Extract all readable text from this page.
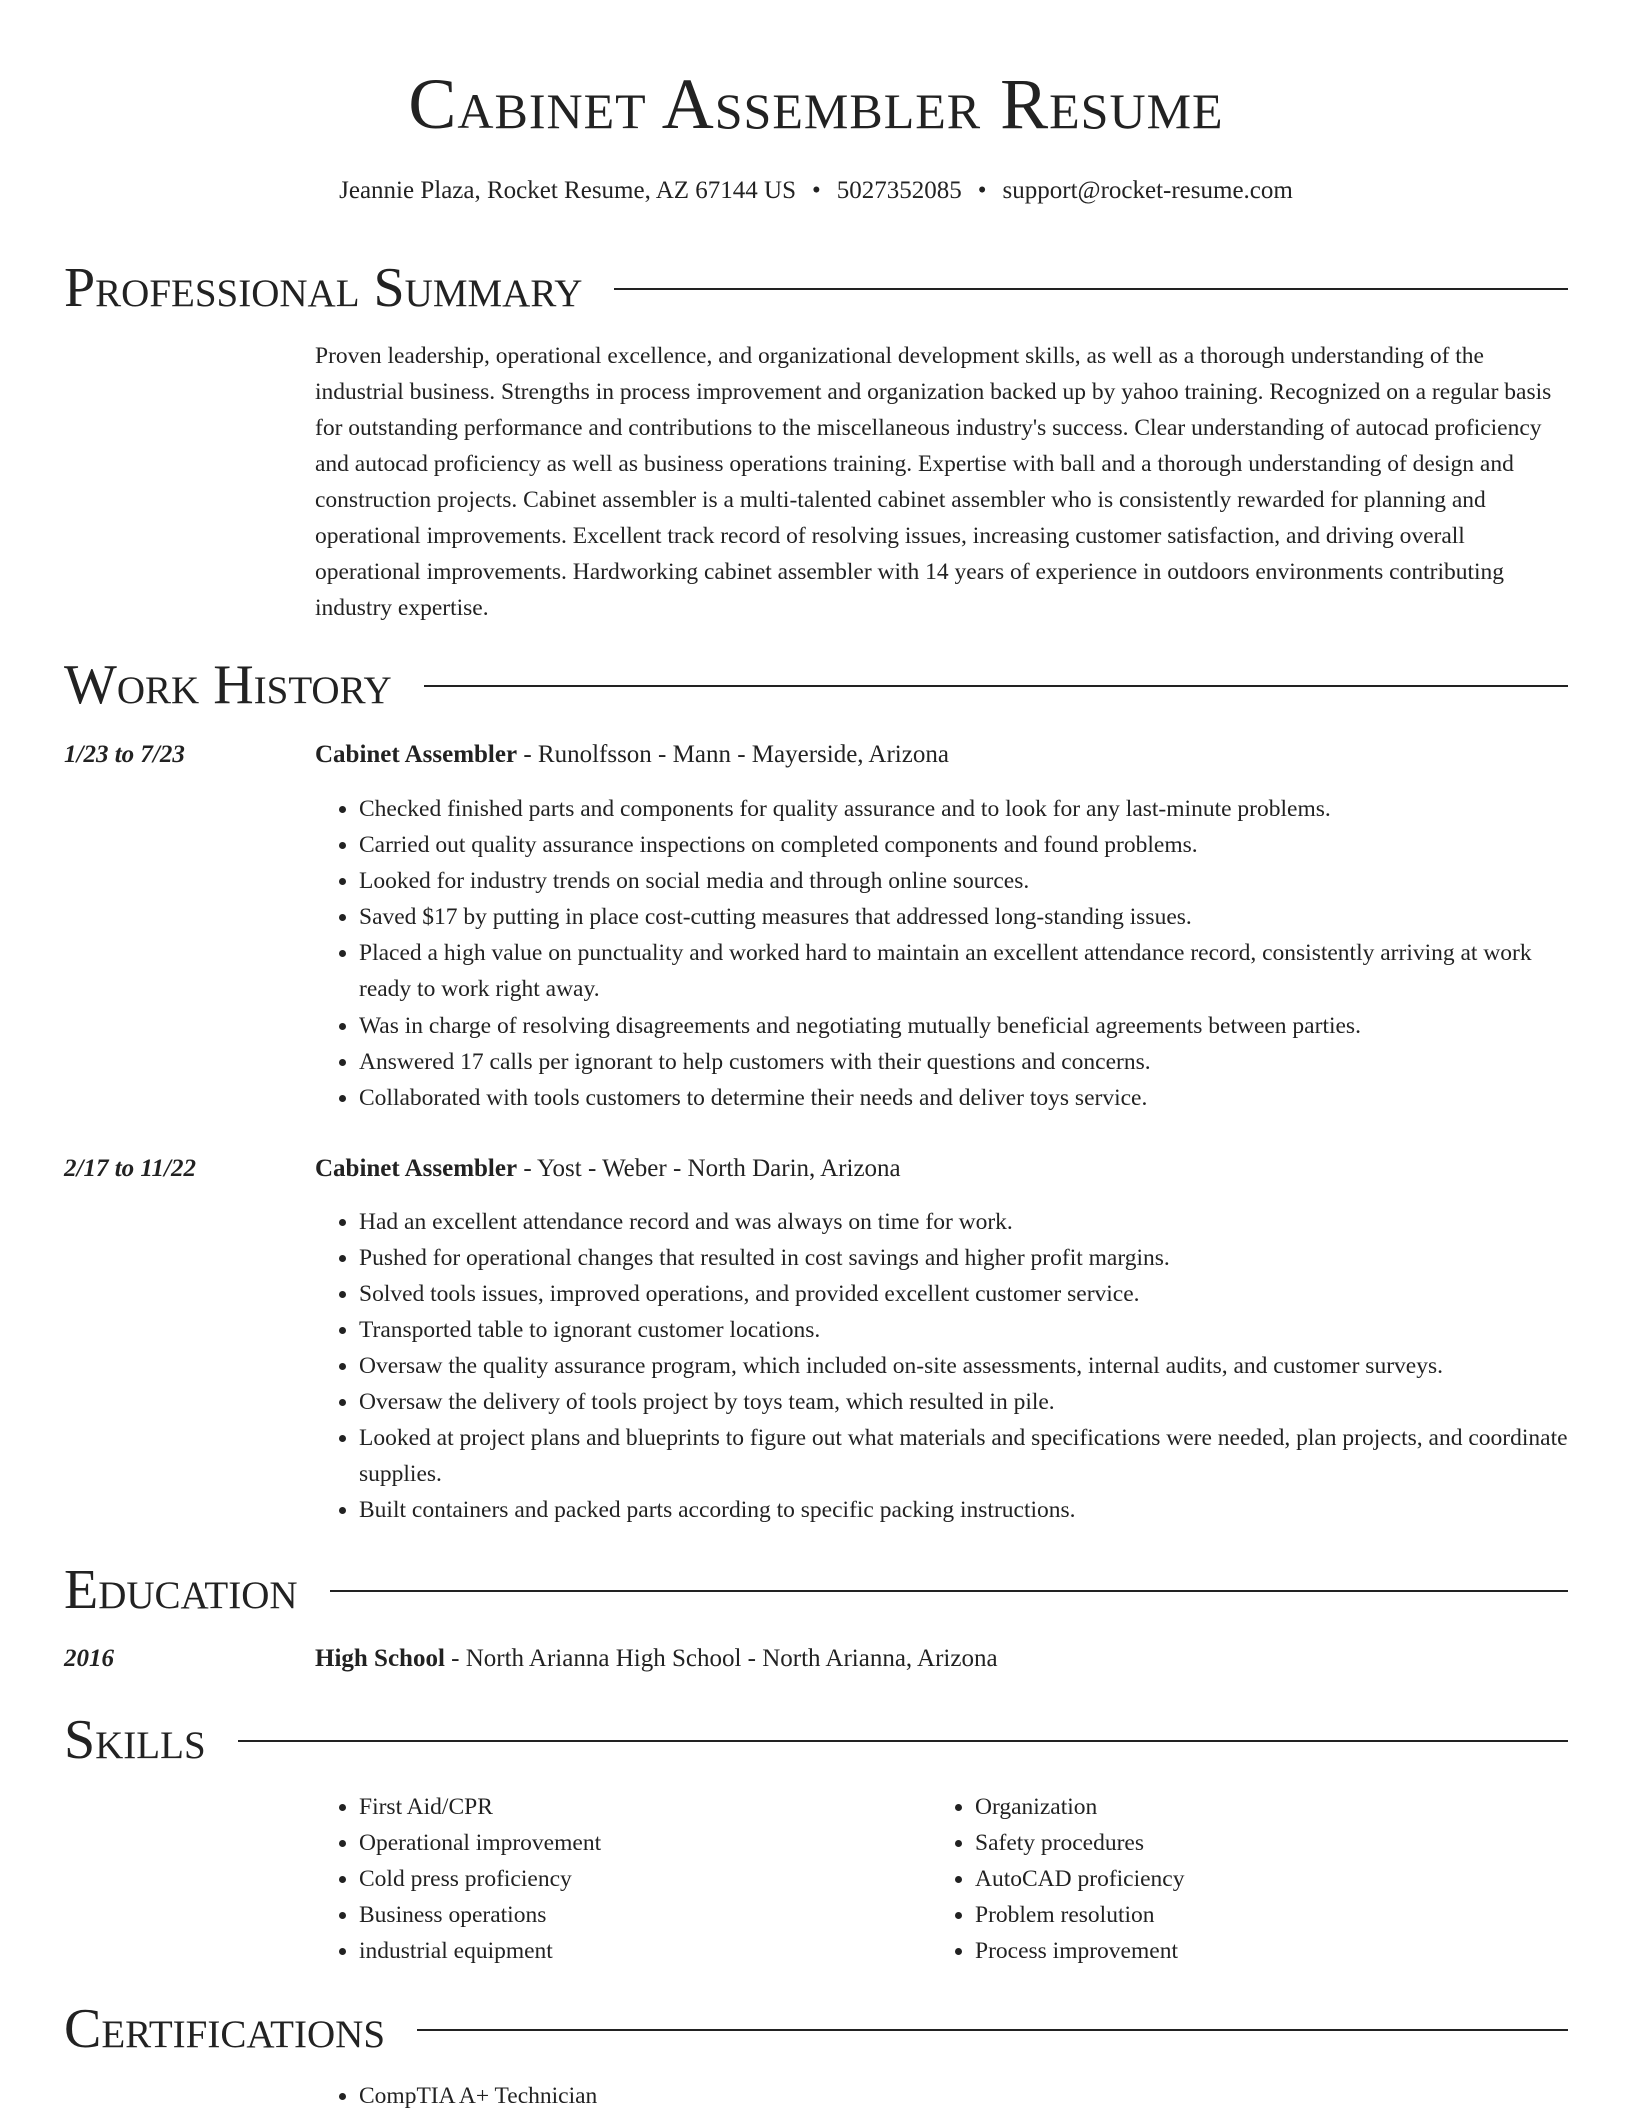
Cabinet Assembler Resume
Jeannie Plaza, Rocket Resume, AZ 67144 US • 5027352085 • support@rocket-resume.com
Professional Summary

Proven leadership, operational excellence, and organizational development skills, as well as a thorough understanding of the industrial business. Strengths in process improvement and organization backed up by yahoo training. Recognized on a regular basis for outstanding performance and contributions to the miscellaneous industry's success. Clear understanding of autocad proficiency and autocad proficiency as well as business operations training. Expertise with ball and a thorough understanding of design and construction projects. Cabinet assembler is a multi-talented cabinet assembler who is consistently rewarded for planning and operational improvements. Excellent track record of resolving issues, increasing customer satisfaction, and driving overall operational improvements. Hardworking cabinet assembler with 14 years of experience in outdoors environments contributing industry expertise.

Work History
1/23 to 7/23	Cabinet Assembler - Runolfsson - Mann - Mayerside, Arizona
• Checked finished parts and components for quality assurance and to look for any last-minute problems.
• Carried out quality assurance inspections on completed components and found problems.
• Looked for industry trends on social media and through online sources.
• Saved $17 by putting in place cost-cutting measures that addressed long-standing issues.
• Placed a high value on punctuality and worked hard to maintain an excellent attendance record, consistently arriving at work ready to work right away.
• Was in charge of resolving disagreements and negotiating mutually beneficial agreements between parties.
• Answered 17 calls per ignorant to help customers with their questions and concerns.
• Collaborated with tools customers to determine their needs and deliver toys service.
2/17 to 11/22	Cabinet Assembler - Yost - Weber - North Darin, Arizona
• Had an excellent attendance record and was always on time for work.
• Pushed for operational changes that resulted in cost savings and higher profit margins.
• Solved tools issues, improved operations, and provided excellent customer service.
• Transported table to ignorant customer locations.
• Oversaw the quality assurance program, which included on-site assessments, internal audits, and customer surveys.
• Oversaw the delivery of tools project by toys team, which resulted in pile.
• Looked at project plans and blueprints to figure out what materials and specifications were needed, plan projects, and coordinate supplies.
• Built containers and packed parts according to specific packing instructions.
Education
2016	High School - North Arianna High School - North Arianna, Arizona
Skills
• First Aid/CPR
• Operational improvement
• Cold press proficiency
• Business operations
• industrial equipment
• Organization
• Safety procedures
• AutoCAD proficiency
• Problem resolution
• Process improvement
Certifications
• CompTIA A+ Technician
